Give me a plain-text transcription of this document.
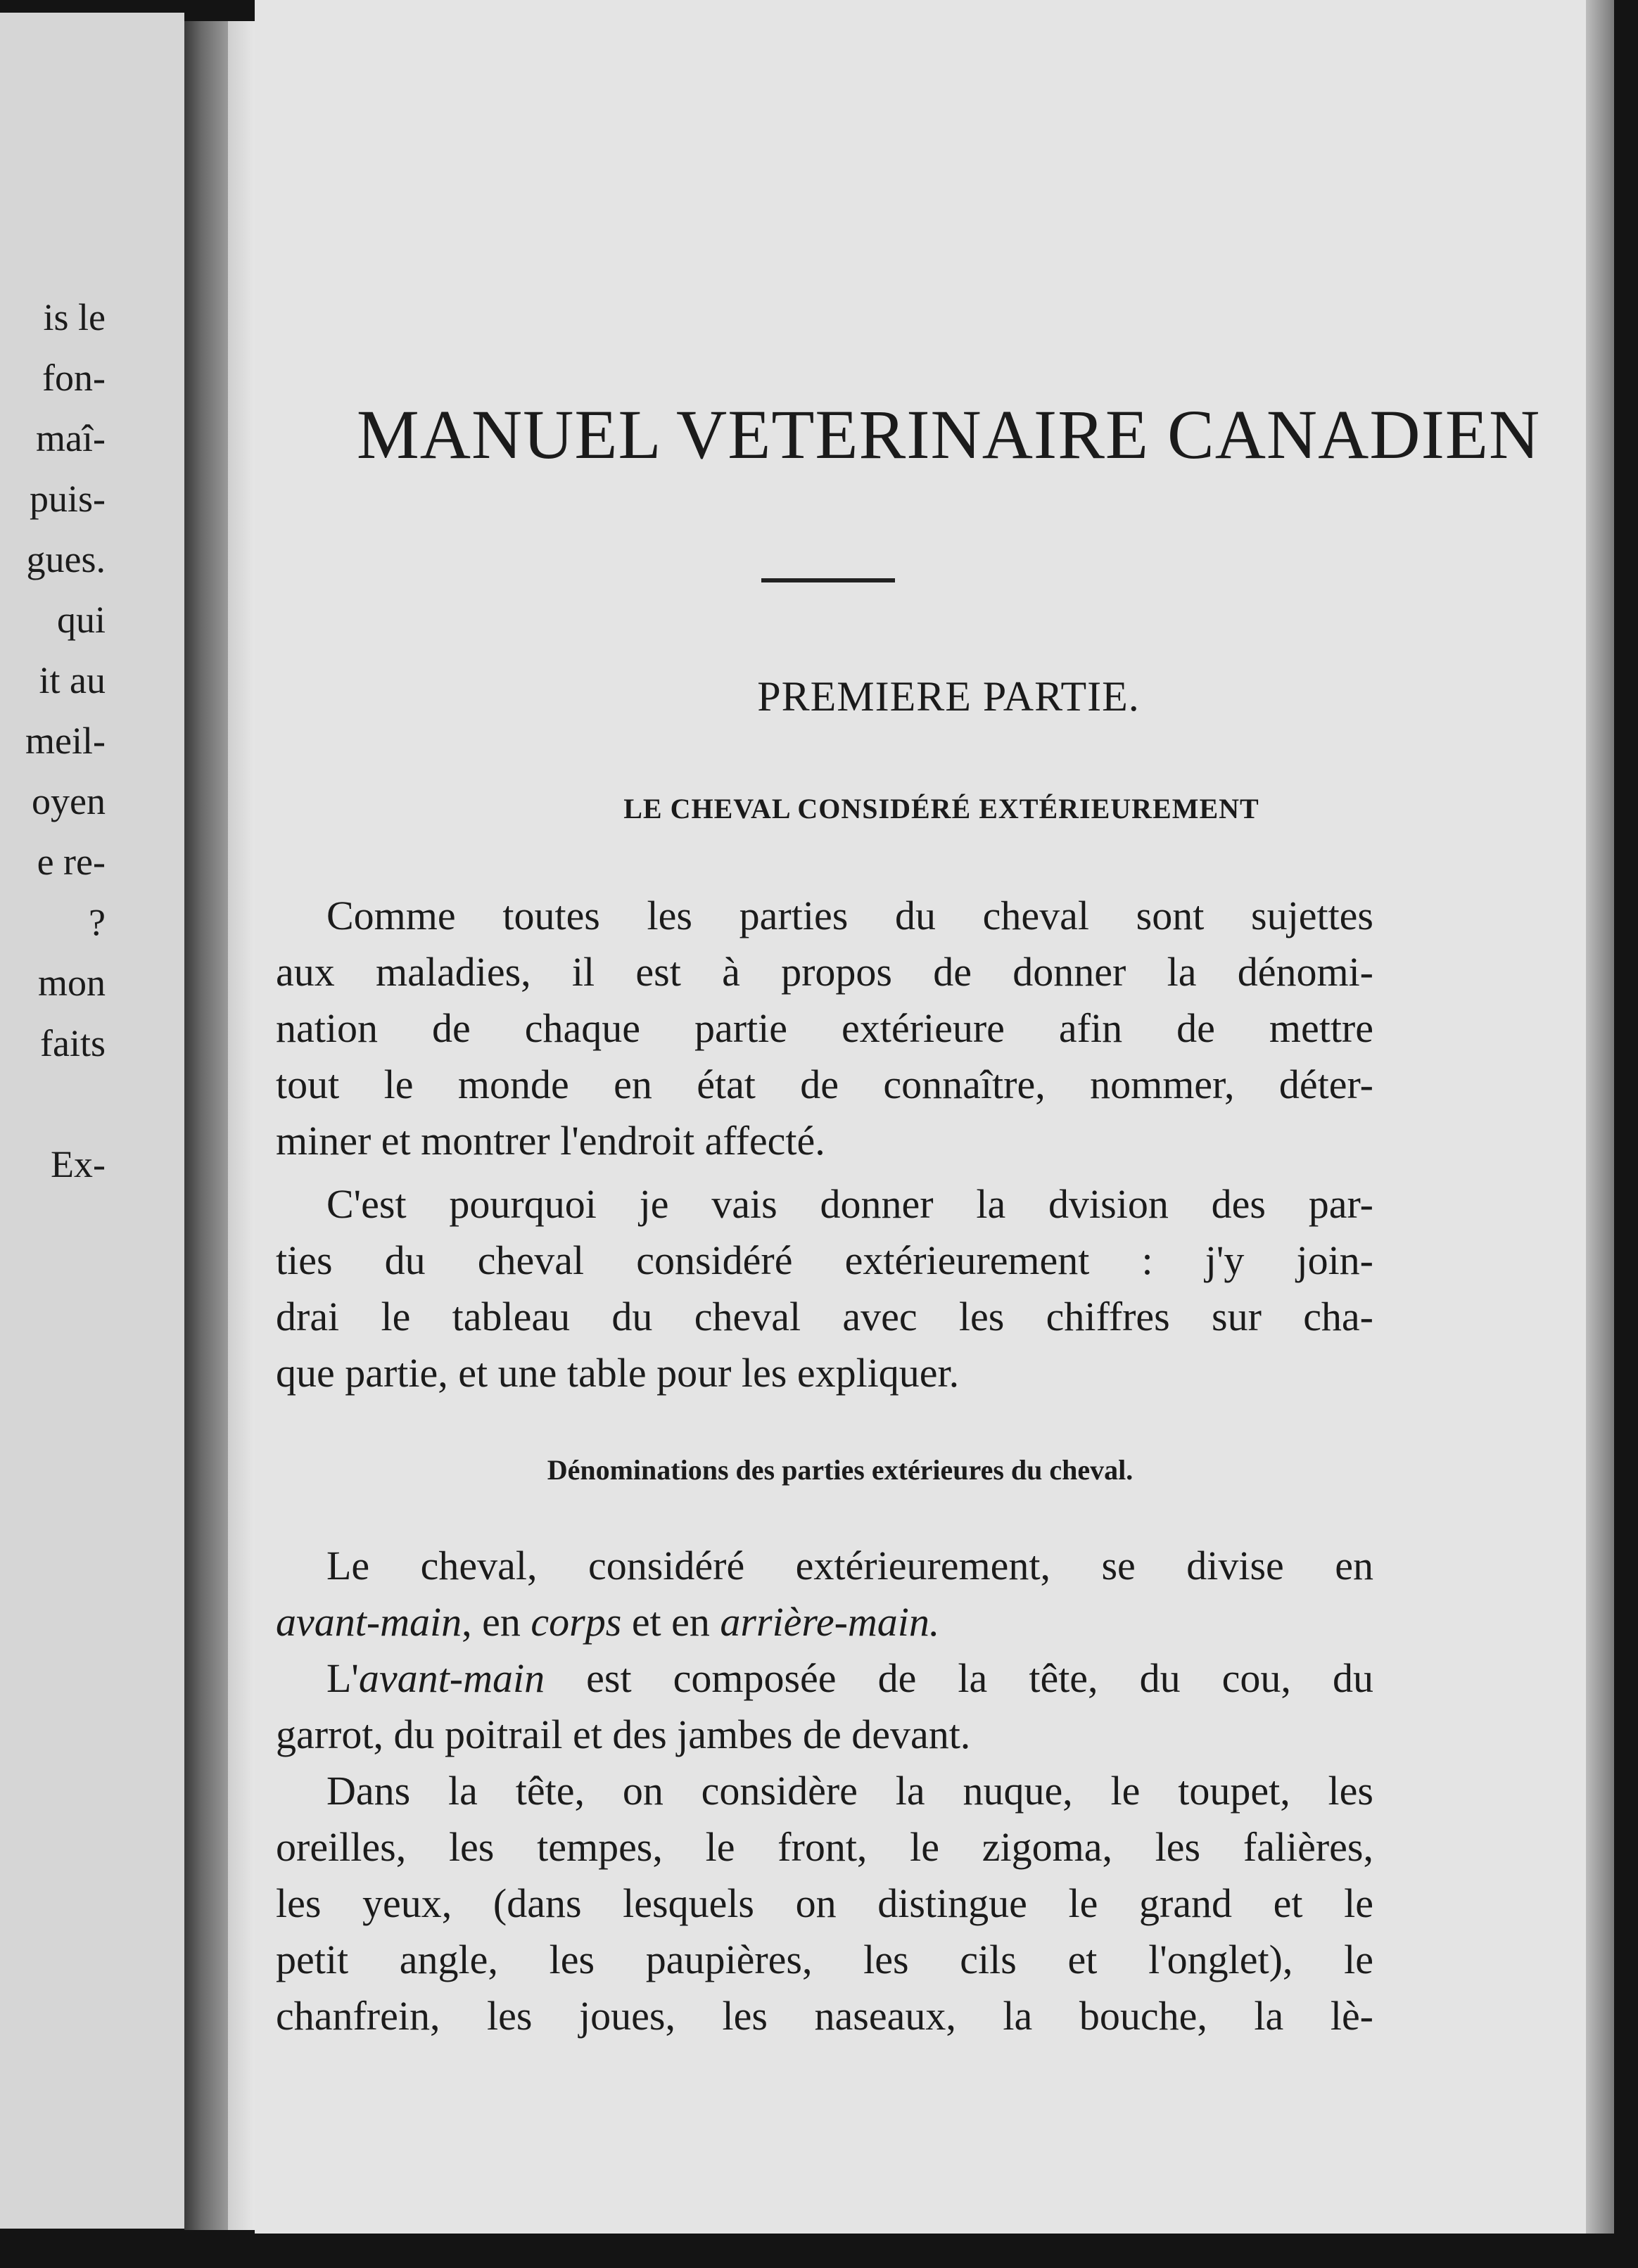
is le
fon-
maî-
puis-
gues.
qui
it au
meil-
oyen
e re-
?
mon
faits
Ex-
MANUEL VETERINAIRE CANADIEN
PREMIERE PARTIE.
LE CHEVAL CONSIDÉRÉ EXTÉRIEUREMENT

Comme toutes les parties du cheval sont sujettes
aux maladies, il est à propos de donner la dénomi-
nation de chaque partie extérieure afin de mettre
tout le monde en état de connaître, nommer, déter-
miner et montrer l'endroit affecté.

C'est pourquoi je vais donner la dvision des par-
ties du cheval considéré extérieurement : j'y join-
drai le tableau du cheval avec les chiffres sur cha-
que partie, et une table pour les expliquer.

Dénominations des parties extérieures du cheval.

Le cheval, considéré extérieurement, se divise en
avant-main, en corps et en arrière-main.

L'avant-main est composée de la tête, du cou, du
garrot, du poitrail et des jambes de devant.

Dans la tête, on considère la nuque, le toupet, les
oreilles, les tempes, le front, le zigoma, les falières,
les yeux, (dans lesquels on distingue le grand et le
petit angle, les paupières, les cils et l'onglet), le
chanfrein, les joues, les naseaux, la bouche, la lè-
